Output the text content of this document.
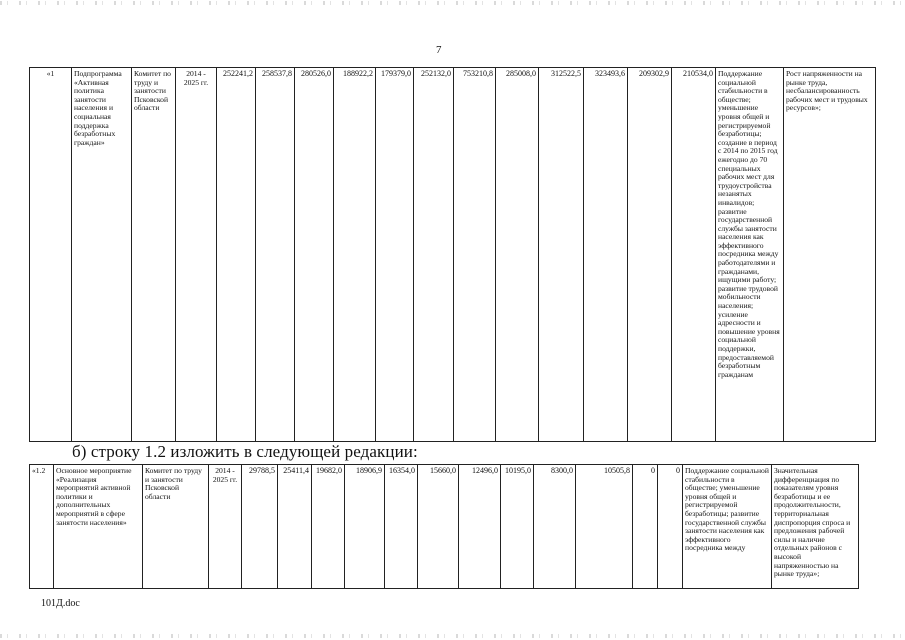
7
«1	Подпрограмма «Активная политика занятости населения и социальная поддержка безработных граждан»	Комитет по труду и занятости Псковской области	2014 - 2025 гг.	252241,2	258537,8	280526,0	188922,2	179379,0	252132,0	753210,8	285008,0	312522,5	323493,6	209302,9	210534,0	Поддержание социальной стабильности в обществе; уменьшение уровня общей и регистрируемой безработицы; создание в период с 2014 по 2015 год ежегодно до 70 специальных рабочих мест для трудоустройства незанятых инвалидов; развитие государственной службы занятости населения как эффективного посредника между работодателями и гражданами, ищущими работу; развитие трудовой мобильности населения; усиление адресности и повышение уровня социальной поддержки, предоставляемой безработным гражданам	Рост напряженности на рынке труда, несбалансированность рабочих мест и трудовых ресурсов»;
б) строку 1.2 изложить в следующей редакции:
«1.2	Основное мероприятие «Реализация мероприятий активной политики и дополнительных мероприятий в сфере занятости населения»	Комитет по труду и занятости Псковской области	2014 - 2025 гг.	29788,5	25411,4	19682,0	18906,9	16354,0	15660,0	12496,0	10195,0	8300,0	10505,8	0	0	Поддержание социальной стабильности в обществе; уменьшение уровня общей и регистрируемой безработицы; развитие государственной службы занятости населения как эффективного посредника между	Значительная дифференциация по показателям уровня безработицы и ее продолжительности, территориальная диспропорция спроса и предложения рабочей силы и наличие отдельных районов с высокой напряженностью на рынке труда»;
101Д.doc
